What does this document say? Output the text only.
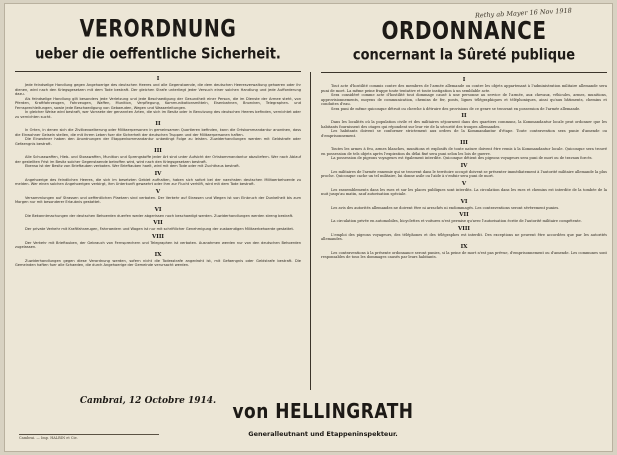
Rethy ab Mayer 16 Nov 1918
VERORDNUNG
ueber die oeffentliche Sicherheit.
I
Jede feindselige Handlung gegen Angehoerige des deutschen Heeres und alle Gegenstaende, die dem deutschen Heeresverwaltung gehoeren oder ihr dienen, wird nach den Kriegsgesetzen mit dem Tode bestraft. Der gleichen Strafe unterliegt jeder Versuch einer solchen Handlung und jede Aufforderung dazu.
Als feindselige Handlung gilt besonders jede Verletzung und jede Beschaedigung der Gesundheit einer Person, die im Dienste der Armee steht, von Pferden, Kraftfahrzeugen, Fahrzeugen, Waffen, Munition, Verpflegung, Kommunikationsmitteln, Eisenbahnen, Bruecken, Telegraphen- und Fernsprechleitungen, sowie jede Beschaedigung von Gebaeuden, Wegen und Wasserleitungen.
In gleicher Weise wird bestraft, wer Vorraete der genannten Arten, die sich im Besitz oder in Benutzung des deutschen Heeres befinden, vernichtet oder zu vernichten sucht.
II
In Orten, in denen sich die Zivilbevoelkerung oder Militaerpersonen in gemeinsamen Quartieren befinden, kann die Ortskommandantur anordnen, dass die Einwohner Geiseln stellen, die mit ihrem Leben fuer die Sicherheit der deutschen Truppen und der Militaerpersonen haften.
Die Einwohner haben den Anordnungen der Etappenkommandantur unbedingt Folge zu leisten. Zuwiderhandlungen werden mit Geldstrafe oder Gefaengnis bestraft.
III
Alle Schusswaffen, Hieb- und Stosswaffen, Munition und Sprengstoffe jeder Art sind unter Aufsicht der Ortskommandantur abzuliefern. Wer nach Ablauf der gestellten Frist im Besitz solcher Gegenstaende betroffen wird, wird nach den Kriegsgesetzen bestraft.
Ebenso ist der Besitz von Brieftauben verboten. Wer Brieftauben haelt, wird mit dem Tode oder mit Zuchthaus bestraft.
IV
Angehoerige des feindlichen Heeres, die sich im besetzten Gebiet aufhalten, haben sich sofort bei der naechsten deutschen Militaerbehoerde zu melden. Wer einen solchen Angehoerigen verbirgt, ihm Unterkunft gewaehrt oder ihm zur Flucht verhilft, wird mit dem Tode bestraft.
V
Versammlungen auf Strassen und oeffentlichen Plaetzen sind verboten. Der Verkehr auf Strassen und Wegen ist von Einbruch der Dunkelheit bis zum Morgen nur mit besonderer Erlaubnis gestattet.
VI
Die Bekanntmachungen der deutschen Behoerden duerfen weder abgerissen noch beschaedigt werden. Zuwiderhandlungen werden streng bestraft.
VII
Der private Verkehr mit Kraftfahrzeugen, Fahrraedern und Wagen ist nur mit schriftlicher Genehmigung der zustaendigen Militaerbehoerde gestattet.
VIII
Der Verkehr mit Brieftauben, der Gebrauch von Fernsprechern und Telegraphen ist verboten. Ausnahmen werden nur von den deutschen Behoerden zugelassen.
IX
Zuwiderhandlungen gegen diese Verordnung werden, sofern nicht die Todesstrafe angedroht ist, mit Gefaengnis oder Geldstrafe bestraft. Die Gemeinden haften fuer alle Schaeden, die durch Angehoerige der Gemeinde verursacht werden.
ORDONNANCE
concernant la Sûreté publique
I
Tout acte d'hostilité commis contre des membres de l'armée allemande ou contre les objets appartenant à l'administration militaire allemande sera puni de mort. La même peine frappe toute tentative et toute instigation à un semblable acte.
Sera considéré comme acte d'hostilité tout dommage causé à une personne au service de l'armée, aux chevaux, véhicules, armes, munitions, approvisionnements, moyens de communication, chemins de fer, ponts, lignes télégraphiques et téléphoniques, ainsi qu'aux bâtiments, chemins et conduites d'eau.
Sera puni de même quiconque détruit ou cherche à détruire des provisions de ce genre se trouvant en possession de l'armée allemande.
II
Dans les localités où la population civile et des militaires séjournent dans des quartiers communs, la Kommandantur locale peut ordonner que les habitants fournissent des otages qui répondent sur leur vie de la sécurité des troupes allemandes.
Les habitants doivent se conformer strictement aux ordres de la Kommandantur d'étape. Toute contravention sera punie d'amende ou d'emprisonnement.
III
Toutes les armes à feu, armes blanches, munitions et explosifs de toute nature doivent être remis à la Kommandantur locale. Quiconque sera trouvé en possession de tels objets après l'expiration du délai fixé sera puni selon les lois de guerre.
La possession de pigeons voyageurs est également interdite. Quiconque détient des pigeons voyageurs sera puni de mort ou de travaux forcés.
IV
Les militaires de l'armée ennemie qui se trouvent dans le territoire occupé doivent se présenter immédiatement à l'autorité militaire allemande la plus proche. Quiconque cache un tel militaire, lui donne asile ou l'aide à s'enfuir sera puni de mort.
V
Les rassemblements dans les rues et sur les places publiques sont interdits. La circulation dans les rues et chemins est interdite de la tombée de la nuit jusqu'au matin, sauf autorisation spéciale.
VI
Les avis des autorités allemandes ne doivent être ni arrachés ni endommagés. Les contraventions seront sévèrement punies.
VII
La circulation privée en automobiles, bicyclettes et voitures n'est permise qu'avec l'autorisation écrite de l'autorité militaire compétente.
VIII
L'emploi des pigeons voyageurs, des téléphones et des télégraphes est interdit. Des exceptions ne peuvent être accordées que par les autorités allemandes.
IX
Les contraventions à la présente ordonnance seront punies, si la peine de mort n'est pas prévue, d'emprisonnement ou d'amende. Les communes sont responsables de tous les dommages causés par leurs habitants.
Cambrai, 12 Octobre 1914. von HELLINGRATH
Generalleutnant und Etappeninspekteur.
Cambrai. — Imp. HALBIN et Cie.
